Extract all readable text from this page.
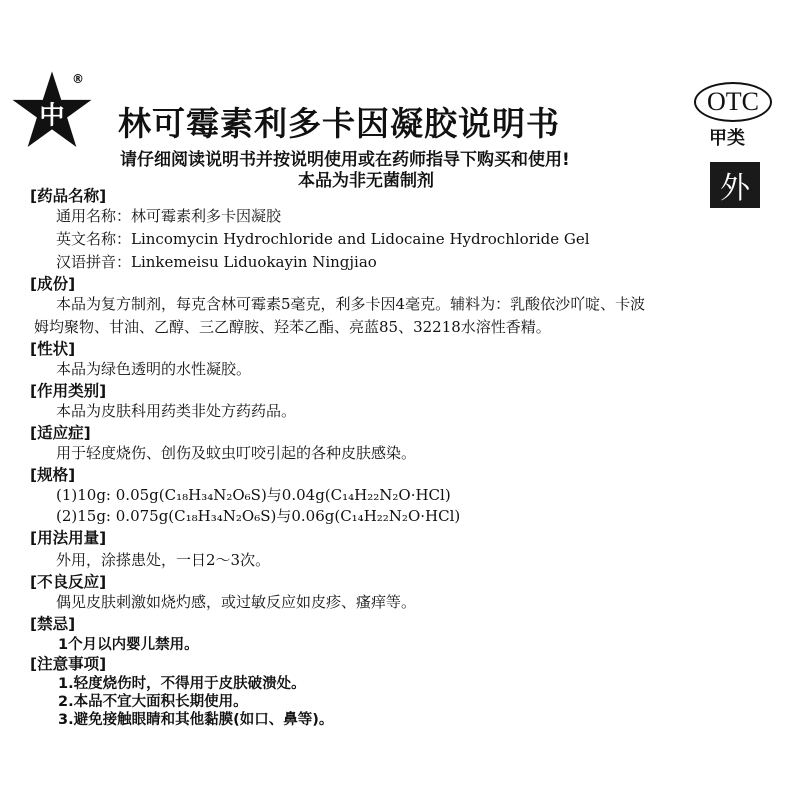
中
®
林可霉素利多卡因凝胶说明书
请仔细阅读说明书并按说明使用或在药师指导下购买和使用!
本品为非无菌制剂
OTC
甲类
外
[药品名称]
通用名称：林可霉素利多卡因凝胶
英文名称：Lincomycin Hydrochloride and Lidocaine Hydrochloride Gel
汉语拼音：Linkemeisu Liduokayin Ningjiao
[成份]
本品为复方制剂，每克含林可霉素5毫克，利多卡因4毫克。辅料为：乳酸依沙吖啶、卡波
姆均聚物、甘油、乙醇、三乙醇胺、羟苯乙酯、亮蓝85、32218水溶性香精。
[性状]
本品为绿色透明的水性凝胶。
[作用类别]
本品为皮肤科用药类非处方药药品。
[适应症]
用于轻度烧伤、创伤及蚊虫叮咬引起的各种皮肤感染。
[规格]
(1)10g: 0.05g(C₁₈H₃₄N₂O₆S)与0.04g(C₁₄H₂₂N₂O·HCl)
(2)15g: 0.075g(C₁₈H₃₄N₂O₆S)与0.06g(C₁₄H₂₂N₂O·HCl)
[用法用量]
外用，涂搽患处，一日2～3次。
[不良反应]
偶见皮肤刺激如烧灼感，或过敏反应如皮疹、瘙痒等。
[禁忌]
1个月以内婴儿禁用。
[注意事项]
1.轻度烧伤时，不得用于皮肤破溃处。
2.本品不宜大面积长期使用。
3.避免接触眼睛和其他黏膜(如口、鼻等)。
